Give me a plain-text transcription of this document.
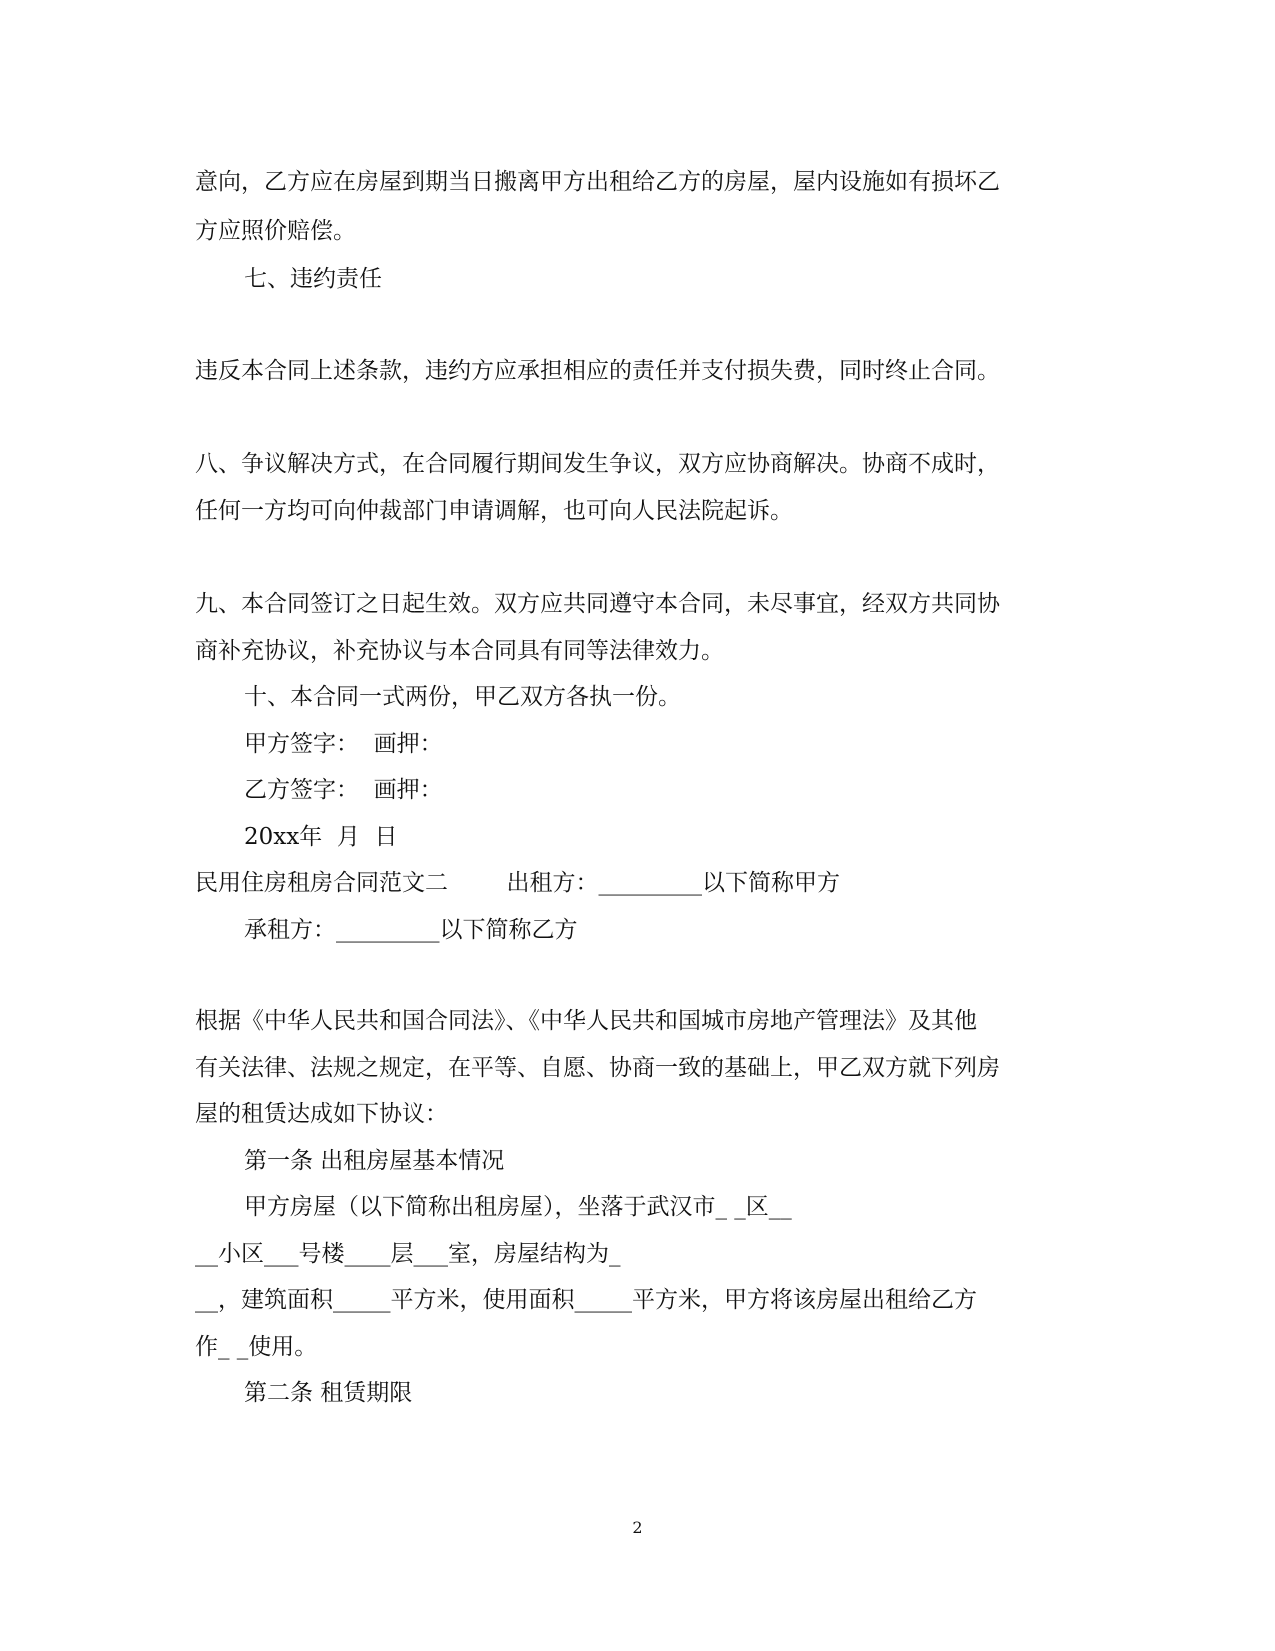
意向，乙方应在房屋到期当日搬离甲方出租给乙方的房屋，屋内设施如有损坏乙
方应照价赔偿。
七、违约责任
违反本合同上述条款，违约方应承担相应的责任并支付损失费，同时终止合同。
八、争议解决方式，在合同履行期间发生争议，双方应协商解决。协商不成时，
任何一方均可向仲裁部门申请调解，也可向人民法院起诉。
九、本合同签订之日起生效。双方应共同遵守本合同，未尽事宜，经双方共同协
商补充协议，补充协议与本合同具有同等法律效力。
十、本合同一式两份，甲乙双方各执一份。
甲方签字：  画押：
乙方签字：  画押：
20xx年  月  日
民用住房租房合同范文二        出租方：_________以下简称甲方
承租方：_________以下简称乙方
根据《中华人民共和国合同法》、《中华人民共和国城市房地产管理法》及其他
有关法律、法规之规定，在平等、自愿、协商一致的基础上，甲乙双方就下列房
屋的租赁达成如下协议：
第一条 出租房屋基本情况
甲方房屋（以下简称出租房屋），坐落于武汉市_ _区__
__小区___号楼____层___室，房屋结构为_
__，建筑面积_____平方米，使用面积_____平方米，甲方将该房屋出租给乙方
作_ _使用。
第二条 租赁期限
2
